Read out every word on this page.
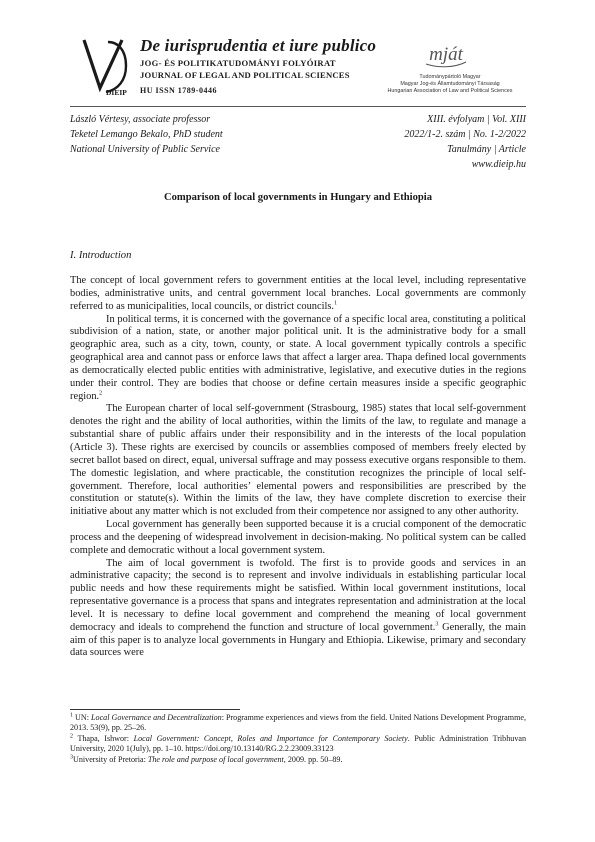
DIEIP
De iurisprudentia et iure publico
JOG- ÉS POLITIKATUDOMÁNYI FOLYÓIRAT
JOURNAL OF LEGAL AND POLITICAL SCIENCES
HU ISSN 1789-0446
mját
Tudománypártoló Magyar
Magyar Jog-és Államtudományi Társaság
Hungarian Association of Law and Political Sciences
László Vértesy, associate professor
Teketel Lemango Bekalo, PhD student
National University of Public Service
XIII. évfolyam | Vol. XIII
2022/1-2. szám | No. 1-2/2022
Tanulmány | Article
www.dieip.hu
Comparison of local governments in Hungary and Ethiopia
I. Introduction

The concept of local government refers to government entities at the local level, including representative bodies, administrative units, and central government local branches. Local governments are commonly referred to as municipalities, local councils, or district councils.$^1$

In political terms, it is concerned with the governance of a specific local area, constituting a political subdivision of a nation, state, or another major political unit. It is the administrative body for a small geographic area, such as a city, town, county, or state. A local government typically controls a specific geographical area and cannot pass or enforce laws that affect a larger area. Thapa defined local governments as democratically elected public entities with administrative, legislative, and executive duties in the regions under their control. They are bodies that choose or define certain measures inside a specific geographic region.$^2$

The European charter of local self-government (Strasbourg, 1985) states that local self-government denotes the right and the ability of local authorities, within the limits of the law, to regulate and manage a substantial share of public affairs under their responsibility and in the interests of the local population (Article 3). These rights are exercised by councils or assemblies composed of members freely elected by secret ballot based on direct, equal, universal suffrage and may possess executive organs responsible to them. The domestic legislation, and where practicable, the constitution recognizes the principle of local self-government. Therefore, local authorities’ elemental powers and responsibilities are prescribed by the constitution or statute(s). Within the limits of the law, they have complete discretion to exercise their initiative about any matter which is not excluded from their competence nor assigned to any other authority.

Local government has generally been supported because it is a crucial component of the democratic process and the deepening of widespread involvement in decision-making. No political system can be called complete and democratic without a local government system.

The aim of local government is twofold. The first is to provide goods and services in an administrative capacity; the second is to represent and involve individuals in establishing particular local public needs and how these requirements might be satisfied. Within local government institutions, local representative governance is a process that spans and integrates representation and administration at the local level. It is necessary to define local government and comprehend the meaning of local government democracy and ideals to comprehend the function and structure of local government.$^3$ Generally, the main aim of this paper is to analyze local governments in Hungary and Ethiopia. Likewise, primary and secondary data sources were

$^1$ UN: Local Governance and Decentralization: Programme experiences and views from the field. United Nations Development Programme, 2013. 53(9), pp. 25–26.

$^2$ Thapa, Ishwor: Local Government: Concept, Roles and Importance for Contemporary Society. Public Administration Tribhuvan University, 2020 1(July), pp. 1–10. https://doi.org/10.13140/RG.2.2.23009.33123

$^3$University of Pretoria: The role and purpose of local government, 2009. pp. 50–89.
